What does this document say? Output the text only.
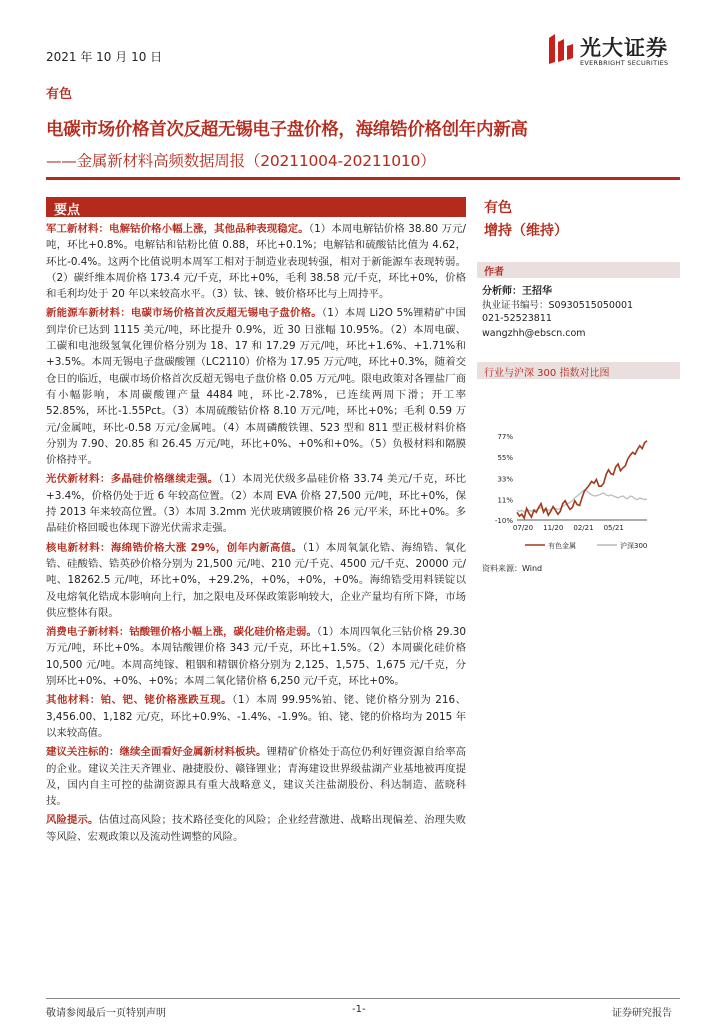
2021 年 10 月 10 日	光大证券
EVERBRIGHT SECURITIES
有色
电碳市场价格首次反超无锡电子盘价格，海绵锆价格创年内新高
——金属新材料高频数据周报（20211004-20211010）
要点

军工新材料：电解钴价格小幅上涨，其他品种表现稳定。（1）本周电解钴价格 38.80 万元/吨，环比+0.8%。电解钴和钴粉比值 0.88，环比+0.1%；电解钴和硫酸钴比值为 4.62，环比-0.4%。这两个比值说明本周军工相对于制造业表现转强，相对于新能源车表现转弱。（2）碳纤维本周价格 173.4 元/千克，环比+0%，毛利 38.58 元/千克，环比+0%，价格和毛利均处于 20 年以来较高水平。（3）钛、铼、铍价格环比与上周持平。

新能源车新材料：电碳市场价格首次反超无锡电子盘价格。（1）本周 Li2O 5%锂精矿中国到岸价已达到 1115 美元/吨，环比提升 0.9%，近 30 日涨幅 10.95%。（2）本周电碳、工碳和电池级氢氧化锂价格分别为 18、17 和 17.29 万元/吨，环比+1.6%、+1.71%和+3.5%。本周无锡电子盘碳酸锂（LC2110）价格为 17.95 万元/吨，环比+0.3%，随着交仓日的临近，电碳市场价格首次反超无锡电子盘价格 0.05 万元/吨。限电政策对各锂盐厂商有小幅影响，本周碳酸锂产量 4484 吨，环比-2.78%，已连续两周下滑；开工率 52.85%，环比-1.55Pct。（3）本周硫酸钴价格 8.10 万元/吨，环比+0%；毛利 0.59 万元/金属吨，环比-0.58 万元/金属吨。（4）本周磷酸铁锂、523 型和 811 型正极材料价格分别为 7.90、20.85 和 26.45 万元/吨，环比+0%、+0%和+0%。（5）负极材料和隔膜价格持平。

光伏新材料：多晶硅价格继续走强。（1）本周光伏级多晶硅价格 33.74 美元/千克，环比+3.4%，价格仍处于近 6 年较高位置。（2）本周 EVA 价格 27,500 元/吨，环比+0%，保持 2013 年来较高位置。（3）本周 3.2mm 光伏玻璃镀膜价格 26 元/平米，环比+0%。多晶硅价格回暖也体现下游光伏需求走强。

核电新材料：海绵锆价格大涨 29%，创年内新高值。（1）本周氧氯化锆、海绵锆、氧化锆、硅酸锆、锆英砂价格分别为 21,500 元/吨、210 元/千克、4500 元/千克、20000 元/吨、18262.5 元/吨，环比+0%，+29.2%，+0%，+0%，+0%。海绵锆受用料镁锭以及电熔氧化锆成本影响向上行，加之限电及环保政策影响较大，企业产量均有所下降，市场供应整体有限。

消费电子新材料：钴酸锂价格小幅上涨，碳化硅价格走弱。（1）本周四氧化三钴价格 29.30 万元/吨，环比+0%。本周钴酸锂价格 343 元/千克，环比+1.5%。（2）本周碳化硅价格 10,500 元/吨。本周高纯镓、粗铟和精铟价格分别为 2,125、1,575、1,675 元/千克，分别环比+0%、+0%、+0%；本周二氧化锗价格 6,250 元/千克，环比+0%。

其他材料：铂、钯、铑价格涨跌互现。（1）本周 99.95%铂、铑、铑价格分别为 216、3,456.00、1,182 元/克，环比+0.9%、-1.4%、-1.9%。铂、铑、铑的价格均为 2015 年以来较高值。

建议关注标的：继续全面看好金属新材料板块。锂精矿价格处于高位仍利好锂资源自给率高的企业。建议关注天齐锂业、融捷股份、赣锋锂业；青海建设世界级盐湖产业基地被再度提及，国内自主可控的盐湖资源具有重大战略意义，建议关注盐湖股份、科达制造、蓝晓科技。

风险提示。估值过高风险；技术路径变化的风险；企业经营激进、战略出现偏差、治理失败等风险、宏观政策以及流动性调整的风险。

有色
增持（维持）
作者
分析师：王招华
执业证书编号：S0930515050001
021-52523811
wangzhh@ebscn.com
行业与沪深 300 指数对比图
77%
55%
33%
11%
-10%
07/20 11/20 02/21 05/21
有色金属	沪深300
资料来源：Wind
敬请参阅最后一页特别声明	-1-	证券研究报告
